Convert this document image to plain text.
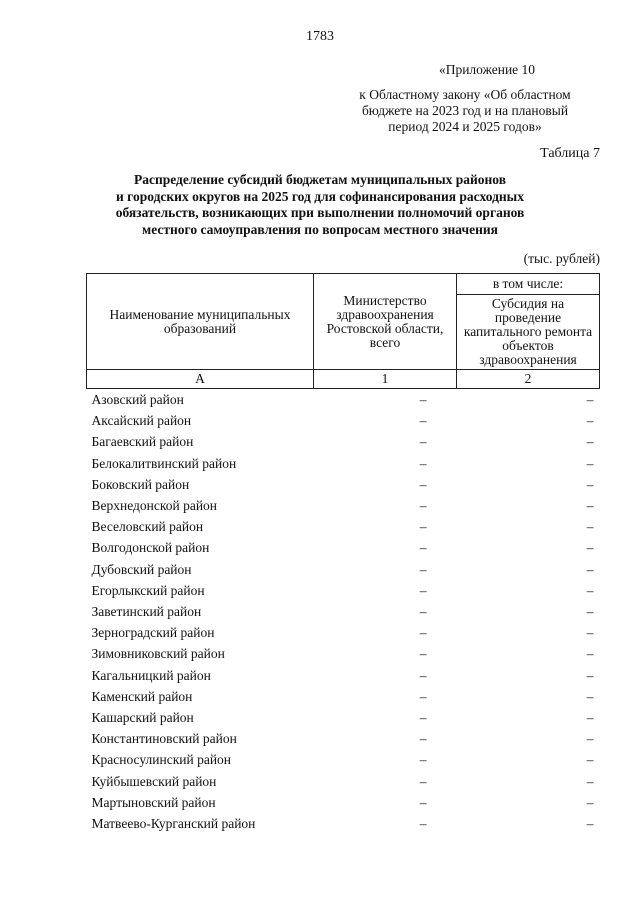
1783
«Приложение 10
к Областному закону «Об областном
бюджете на 2023 год и на плановый
период 2024 и 2025 годов»
Таблица 7
Распределение субсидий бюджетам муниципальных районов
и городских округов на 2025 год для софинансирования расходных
обязательств, возникающих при выполнении полномочий органов
местного самоуправления по вопросам местного значения
(тыс. рублей)
Наименование муниципальных образований	Министерство здравоохранения Ростовской области, всего	в том числе:
		Субсидия на проведение капитального ремонта объектов здравоохранения
А	1	2
Азовский район	–	–
Аксайский район	–	–
Багаевский район	–	–
Белокалитвинский район	–	–
Боковский район	–	–
Верхнедонской район	–	–
Веселовский район	–	–
Волгодонской район	–	–
Дубовский район	–	–
Егорлыкский район	–	–
Заветинский район	–	–
Зерноградский район	–	–
Зимовниковский район	–	–
Кагальницкий район	–	–
Каменский район	–	–
Кашарский район	–	–
Константиновский район	–	–
Красносулинский район	–	–
Куйбышевский район	–	–
Мартыновский район	–	–
Матвеево-Курганский район	–	–
